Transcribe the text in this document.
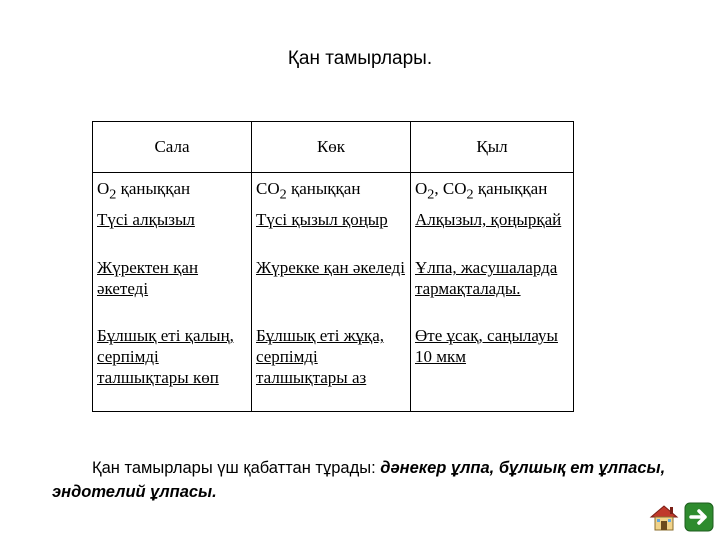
Қан тамырлары.
Сала	Көк	Қыл
$O_2$ қаныққан	$CO_2$ қаныққан	$O_2$, $CO_2$ қаныққан
Түсі алқызыл	Түсі қызыл қоңыр	Алқызыл, қоңырқай
Жүректен қан әкетеді	Жүрекке қан әкеледі	Ұлпа, жасушаларда тармақталады.
Бұлшық еті қалың, серпімді талшықтары көп	Бұлшық еті жұқа, серпімді талшықтары аз	Өте ұсақ, саңылауы 10 мкм

Қан тамырлары үш қабаттан тұрады: дәнекер ұлпа, бұлшық ет ұлпасы, эндотелий ұлпасы.
